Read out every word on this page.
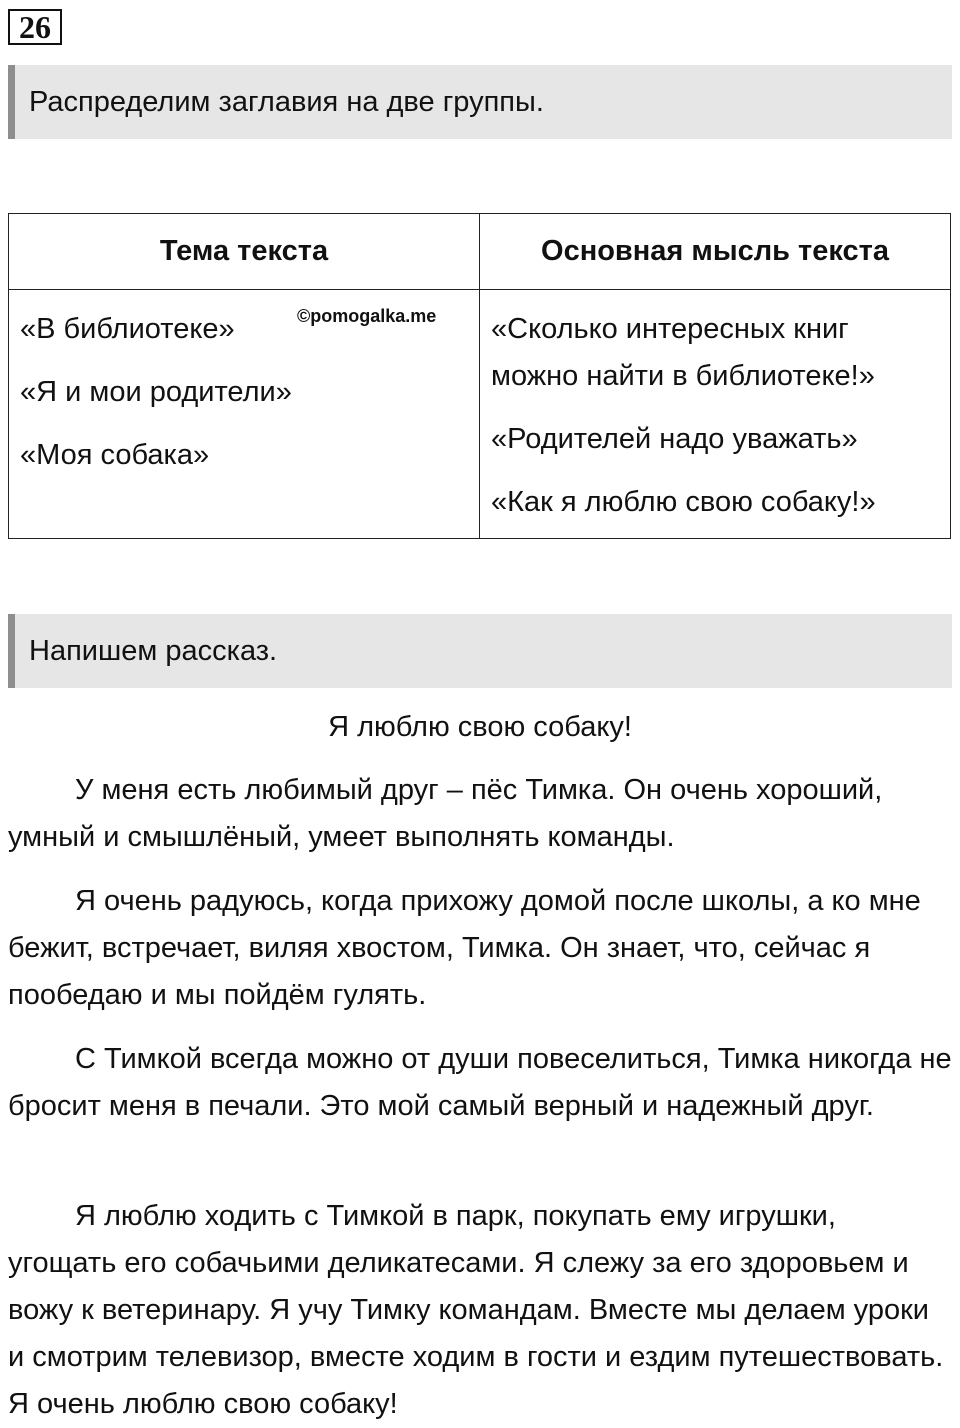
26
Распределим заглавия на две группы.
Тема текста	Основная мысль текста
«В библиотеке»
«Я и мои родители»
«Моя собака»
©pomogalka.me «Сколько интересных книг
можно найти в библиотеке!»
«Родителей надо уважать»
«Как я люблю свою собаку!»
Напишем рассказ.
Я люблю свою собаку!

У меня есть любимый друг – пёс Тимка. Он очень хороший, умный и смышлёный, умеет выполнять команды.

Я очень радуюсь, когда прихожу домой после школы, а ко мне бежит, встречает, виляя хвостом, Тимка. Он знает, что, сейчас я пообедаю и мы пойдём гулять.

С Тимкой всегда можно от души повеселиться, Тимка никогда не бросит меня в печали. Это мой самый верный и надежный друг.

Я люблю ходить с Тимкой в парк, покупать ему игрушки, угощать его собачьими деликатесами. Я слежу за его здоровьем и вожу к ветеринару. Я учу Тимку командам. Вместе мы делаем уроки и смотрим телевизор, вместе ходим в гости и ездим путешествовать. Я очень люблю свою собаку!
